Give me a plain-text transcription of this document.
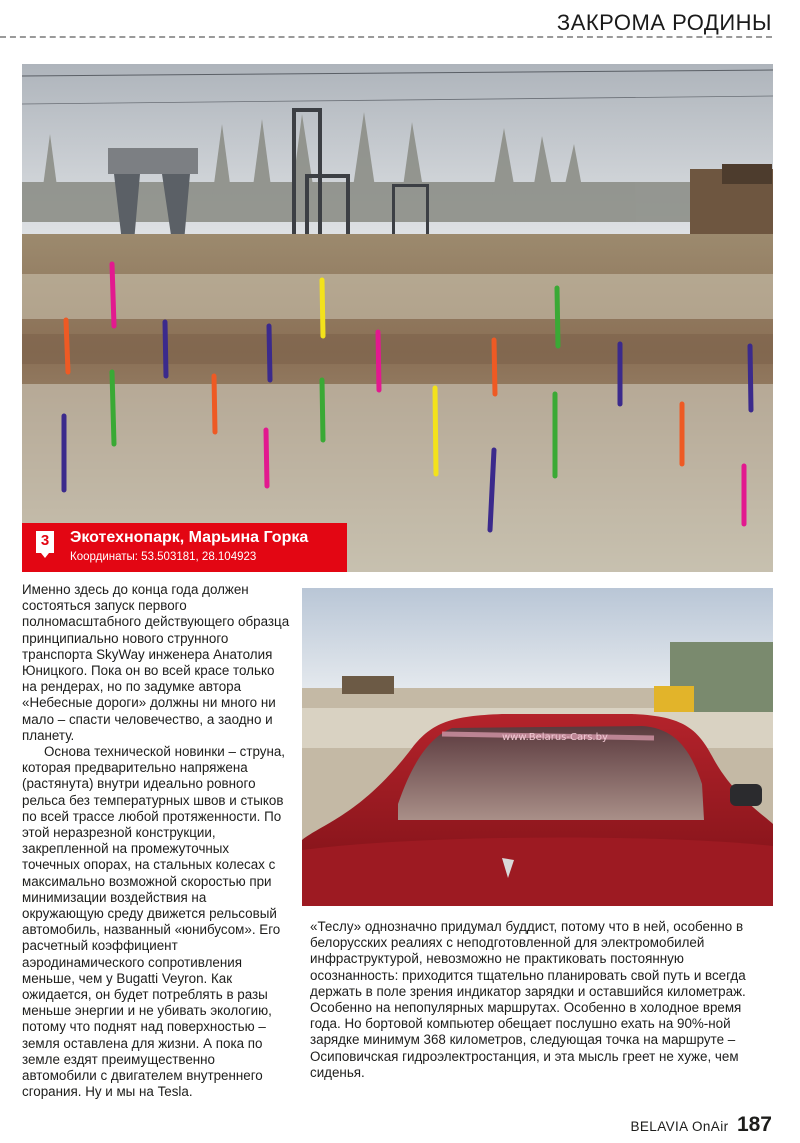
ЗАКРОМА РОДИНЫ
3	Экотехнопарк, Марьина Горка
Координаты: 53.503181, 28.104923

Именно здесь до конца года должен состояться запуск первого полномасштабного действующего образца принципиально нового струнного транспорта SkyWay инженера Анатолия Юницкого. Пока он во всей красе только на рендерах, но по задумке автора «Небесные дороги» должны ни много ни мало – спасти человечество, а заодно и планету.

Основа технической новинки – струна, которая предварительно напряжена (растянута) внутри идеально ровного рельса без температурных швов и стыков по всей трассе любой протяженности. По этой неразрезной конструкции, закрепленной на промежуточных точечных опорах, на стальных колесах с максимально возможной скоростью при минимизации воздействия на окружающую среду движется рельсовый автомобиль, названный «юнибусом». Его расчетный коэффициент аэродинамического сопротивления меньше, чем у Bugatti Veyron. Как ожидается, он будет потреблять в разы меньше энергии и не убивать экологию, потому что поднят над поверхностью – земля оставлена для жизни. А пока по земле ездят преимущественно автомобили с двигателем внутреннего сгорания. Ну и мы на Tesla.

www.Belarus-Cars.by

«Теслу» однозначно придумал буддист, потому что в ней, особенно в белорусских реалиях с неподготовленной для электромобилей инфраструктурой, невозможно не практиковать постоянную осознанность: приходится тщательно планировать свой путь и всегда держать в поле зрения индикатор зарядки и оставшийся километраж. Особенно на непопулярных маршрутах. Особенно в холодное время года. Но бортовой компьютер обещает послушно ехать на 90%-ной зарядке минимум 368 километров, следующая точка на маршруте – Осиповичская гидроэлектростанция, и эта мысль греет не хуже, чем сиденья.

BELAVIA OnAir 187
